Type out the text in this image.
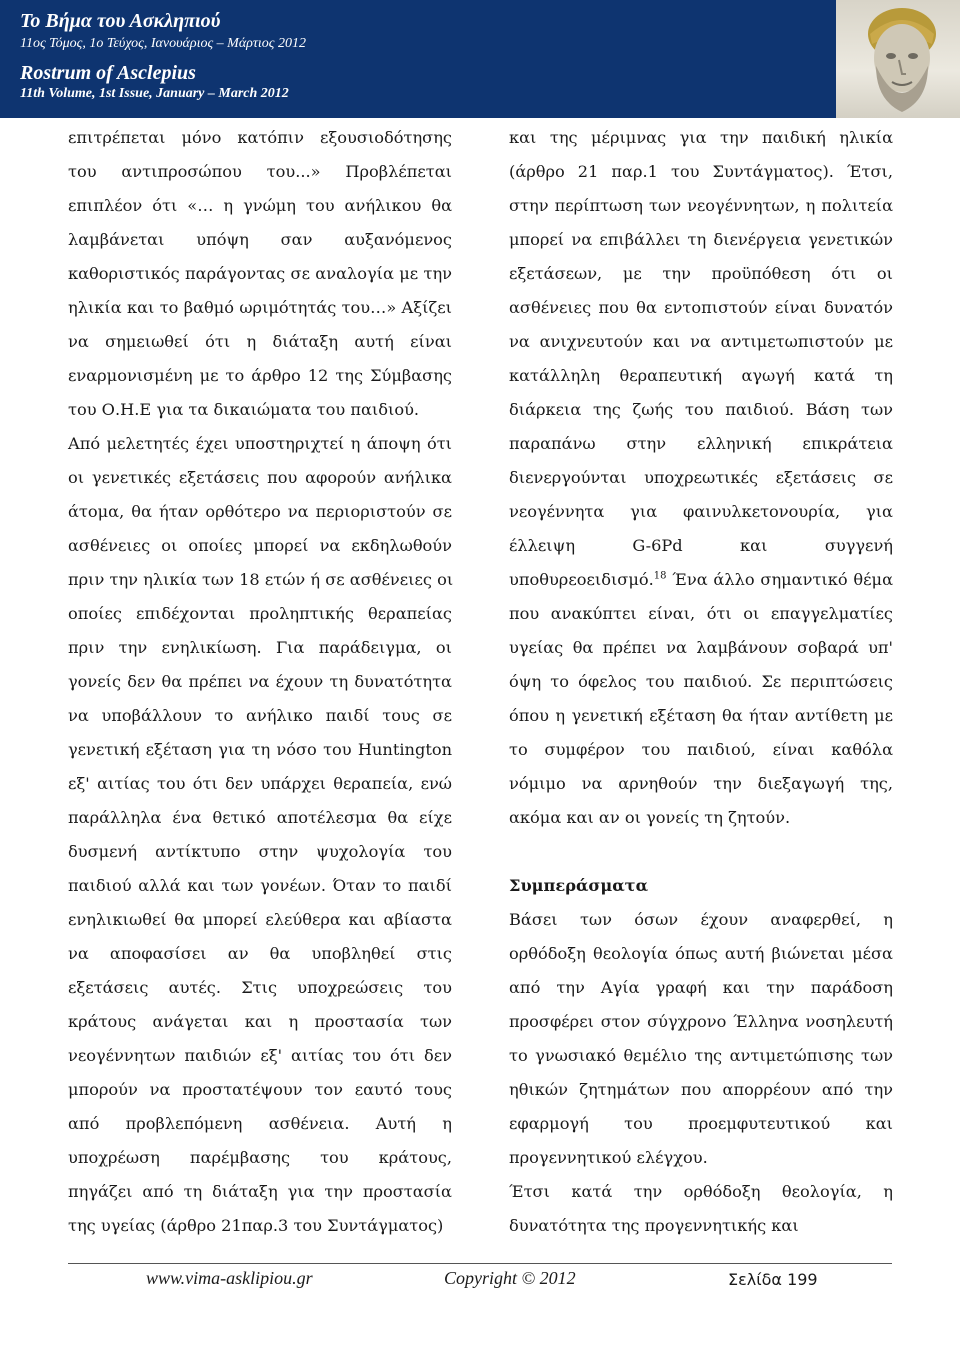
Το Βήμα του Ασκληπιού
11ος Τόμος, 1ο Τεύχος, Ιανουάριος – Μάρτιος 2012
Rostrum of Asclepius
11th Volume, 1st Issue, January – March 2012
επιτρέπεται μόνο κατόπιν εξουσιοδότησης
του αντιπροσώπου του...» Προβλέπεται
επιπλέον ότι «… η γνώμη του ανήλικου θα
λαμβάνεται υπόψη σαν αυξανόμενος
καθοριστικός παράγοντας σε αναλογία με την
ηλικία και το βαθμό ωριμότητάς του…» Αξίζει
να σημειωθεί ότι η διάταξη αυτή είναι
εναρμονισμένη με το άρθρο 12 της Σύμβασης
του Ο.Η.Ε για τα δικαιώματα του παιδιού.
Από μελετητές έχει υποστηριχτεί η άποψη ότι
οι γενετικές εξετάσεις που αφορούν ανήλικα
άτομα, θα ήταν ορθότερο να περιοριστούν σε
ασθένειες οι οποίες μπορεί να εκδηλωθούν
πριν την ηλικία των 18 ετών ή σε ασθένειες οι
οποίες επιδέχονται προληπτικής θεραπείας
πριν την ενηλικίωση. Για παράδειγμα, οι
γονείς δεν θα πρέπει να έχουν τη δυνατότητα
να υποβάλλουν το ανήλικο παιδί τους σε
γενετική εξέταση για τη νόσο του Huntington
εξ' αιτίας του ότι δεν υπάρχει θεραπεία, ενώ
παράλληλα ένα θετικό αποτέλεσμα θα είχε
δυσμενή αντίκτυπο στην ψυχολογία του
παιδιού αλλά και των γονέων. Όταν το παιδί
ενηλικιωθεί θα μπορεί ελεύθερα και αβίαστα
να αποφασίσει αν θα υποβληθεί στις
εξετάσεις αυτές. Στις υποχρεώσεις του
κράτους ανάγεται και η προστασία των
νεογέννητων παιδιών εξ' αιτίας του ότι δεν
μπορούν να προστατέψουν τον εαυτό τους
από προβλεπόμενη ασθένεια. Αυτή η
υποχρέωση παρέμβασης του κράτους,
πηγάζει από τη διάταξη για την προστασία
της υγείας (άρθρο 21παρ.3 του Συντάγματος)
και της μέριμνας για την παιδική ηλικία
(άρθρο 21 παρ.1 του Συντάγματος). Έτσι,
στην περίπτωση των νεογέννητων, η πολιτεία
μπορεί να επιβάλλει τη διενέργεια γενετικών
εξετάσεων, με την προϋπόθεση ότι οι
ασθένειες που θα εντοπιστούν είναι δυνατόν
να ανιχνευτούν και να αντιμετωπιστούν με
κατάλληλη θεραπευτική αγωγή κατά τη
διάρκεια της ζωής του παιδιού. Βάση των
παραπάνω στην ελληνική επικράτεια
διενεργούνται υποχρεωτικές εξετάσεις σε
νεογέννητα για φαινυλκετονουρία, για
έλλειψη G-6Pd και συγγενή
υποθυρεοειδισμό.$^{18}$ Ένα άλλο σημαντικό θέμα
που ανακύπτει είναι, ότι οι επαγγελματίες
υγείας θα πρέπει να λαμβάνουν σοβαρά υπ'
όψη το όφελος του παιδιού. Σε περιπτώσεις
όπου η γενετική εξέταση θα ήταν αντίθετη με
το συμφέρον του παιδιού, είναι καθόλα
νόμιμο να αρνηθούν την διεξαγωγή της,
ακόμα και αν οι γονείς τη ζητούν.
Συμπεράσματα
Βάσει των όσων έχουν αναφερθεί, η
ορθόδοξη θεολογία όπως αυτή βιώνεται μέσα
από την Αγία γραφή και την παράδοση
προσφέρει στον σύγχρονο Έλληνα νοσηλευτή
το γνωσιακό θεμέλιο της αντιμετώπισης των
ηθικών ζητημάτων που απορρέουν από την
εφαρμογή του προεμφυτευτικού και
προγεννητικού ελέγχου.
Έτσι κατά την ορθόδοξη θεολογία, η
δυνατότητα της προγεννητικής και
www.vima-asklipiou.gr	Copyright © 2012	Σελίδα 199
